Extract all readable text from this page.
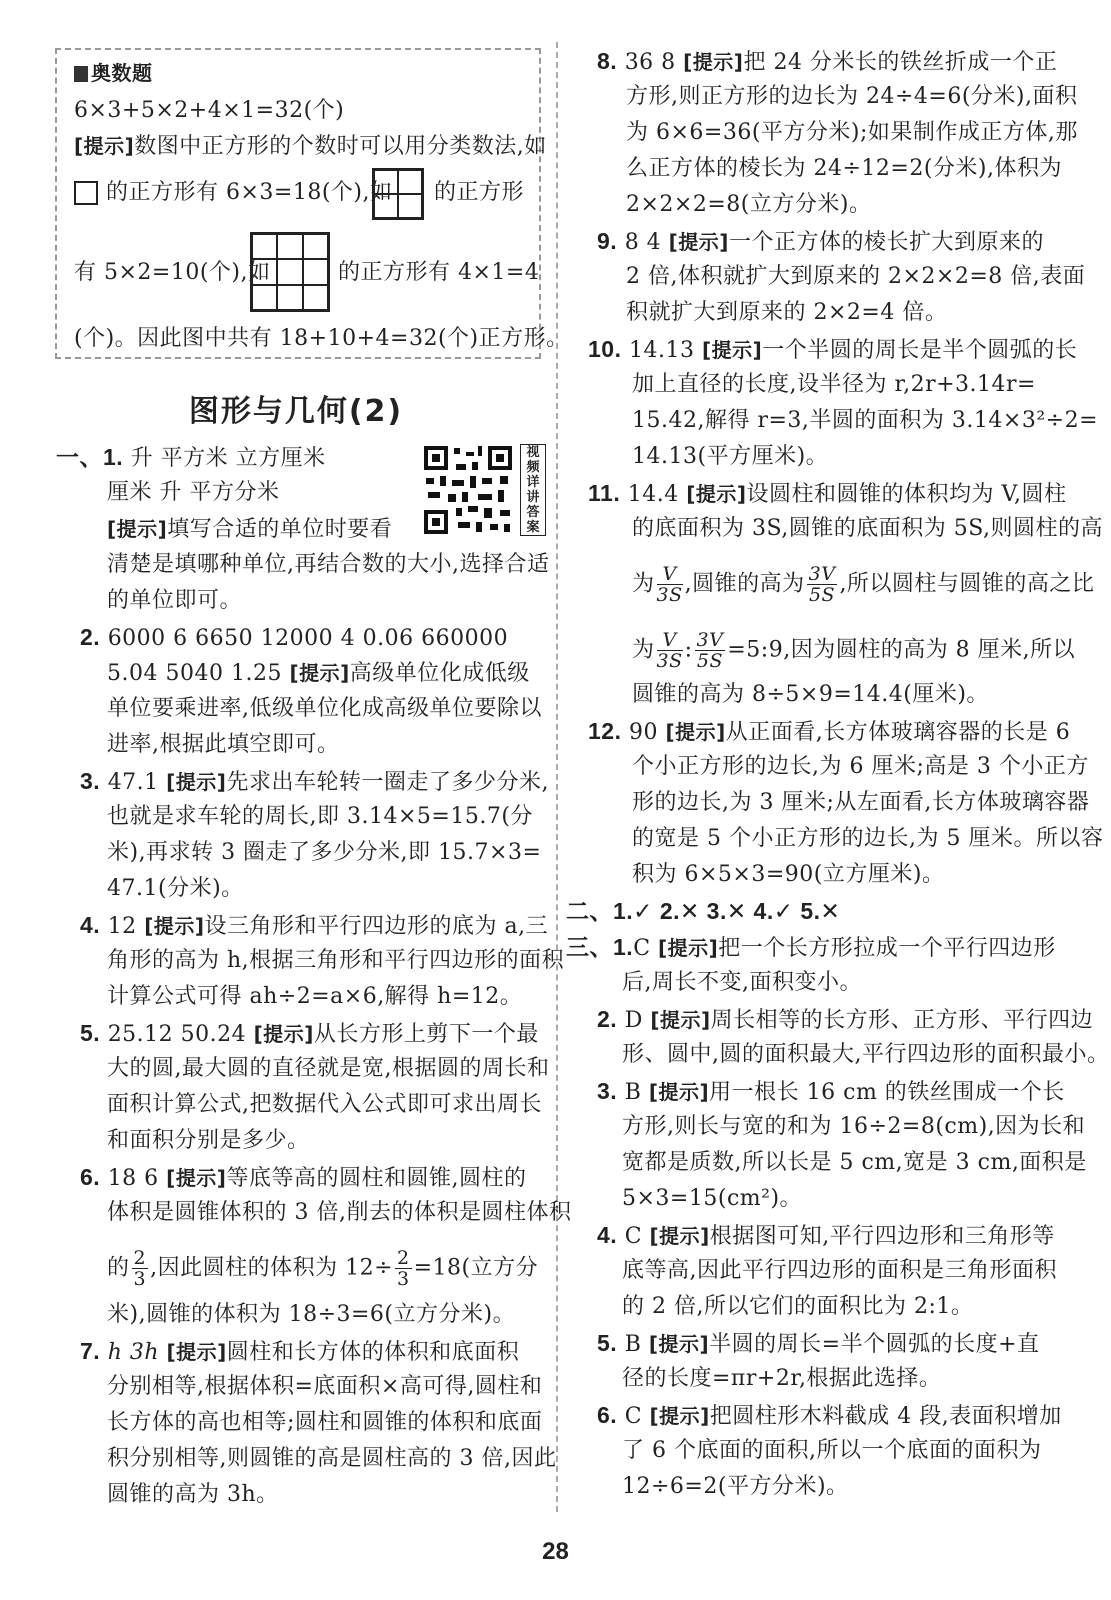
奥数题
6×3+5×2+4×1=32(个)
[提示]数图中正方形的个数时可以用分类数法,如
的正方形有 6×3=18(个),如 的正方形
有 5×2=10(个),如	的正方形有 4×1=4
(个)。因此图中共有 18+10+4=32(个)正方形。
图形与几何(2)
视频详讲答案
一、1. 升 平方米 立方厘米
厘米 升 平方分米
[提示]填写合适的单位时要看
清楚是填哪种单位,再结合数的大小,选择合适
的单位即可。
2. 6000 6 6650 12000 4 0.06 660000
5.04 5040 1.25 [提示]高级单位化成低级
单位要乘进率,低级单位化成高级单位要除以
进率,根据此填空即可。
3. 47.1 [提示]先求出车轮转一圈走了多少分米,
也就是求车轮的周长,即 3.14×5=15.7(分
米),再求转 3 圈走了多少分米,即 15.7×3=
47.1(分米)。
4. 12 [提示]设三角形和平行四边形的底为 a,三
角形的高为 h,根据三角形和平行四边形的面积
计算公式可得 ah÷2=a×6,解得 h=12。
5. 25.12 50.24 [提示]从长方形上剪下一个最
大的圆,最大圆的直径就是宽,根据圆的周长和
面积计算公式,把数据代入公式即可求出周长
和面积分别是多少。
6. 18 6 [提示]等底等高的圆柱和圆锥,圆柱的
体积是圆锥体积的 3 倍,削去的体积是圆柱体积
的 $\frac{2}{3}$ ,因此圆柱的体积为 $12\div \frac{2}{3} =18$(立方分
米),圆锥的体积为 18÷3=6(立方分米)。
7. h 3h [提示]圆柱和长方体的体积和底面积
分别相等,根据体积=底面积×高可得,圆柱和
长方体的高也相等;圆柱和圆锥的体积和底面
积分别相等,则圆锥的高是圆柱高的 3 倍,因此
圆锥的高为 3h。
8. 36 8 [提示]把 24 分米长的铁丝折成一个正
方形,则正方形的边长为 24÷4=6(分米),面积
为 6×6=36(平方分米);如果制作成正方体,那
么正方体的棱长为 24÷12=2(分米),体积为
2×2×2=8(立方分米)。
9. 8 4 [提示]一个正方体的棱长扩大到原来的
2 倍,体积就扩大到原来的 2×2×2=8 倍,表面
积就扩大到原来的 2×2=4 倍。
10. 14.13 [提示]一个半圆的周长是半个圆弧的长
加上直径的长度,设半径为 r,2r+3.14r=
15.42,解得 r=3,半圆的面积为 3.14×3²÷2=
14.13(平方厘米)。
11. 14.4 [提示]设圆柱和圆锥的体积均为 V,圆柱
的底面积为 3S,圆锥的底面积为 5S,则圆柱的高
为 $\frac{V}{3S}$ ,圆锥的高为 $\frac{3V}{5S}$ ,所以圆柱与圆锥的高之比
为 $\frac{V}{3S}$ : $\frac{3V}{5S}$ =5:9,因为圆柱的高为 8 厘米,所以
圆锥的高为 8÷5×9=14.4(厘米)。
12. 90 [提示]从正面看,长方体玻璃容器的长是 6
个小正方形的边长,为 6 厘米;高是 3 个小正方
形的边长,为 3 厘米;从左面看,长方体玻璃容器
的宽是 5 个小正方形的边长,为 5 厘米。所以容
积为 6×5×3=90(立方厘米)。
二、1.✓ 2.✕ 3.✕ 4.✓ 5.✕
三、1.C [提示]把一个长方形拉成一个平行四边形
后,周长不变,面积变小。
2. D [提示]周长相等的长方形、正方形、平行四边
形、圆中,圆的面积最大,平行四边形的面积最小。
3. B [提示]用一根长 16 cm 的铁丝围成一个长
方形,则长与宽的和为 16÷2=8(cm),因为长和
宽都是质数,所以长是 5 cm,宽是 3 cm,面积是
5×3=15(cm²)。
4. C [提示]根据图可知,平行四边形和三角形等
底等高,因此平行四边形的面积是三角形面积
的 2 倍,所以它们的面积比为 2:1。
5. B [提示]半圆的周长=半个圆弧的长度+直
径的长度=πr+2r,根据此选择。
6. C [提示]把圆柱形木料截成 4 段,表面积增加
了 6 个底面的面积,所以一个底面的面积为
12÷6=2(平方分米)。
28
